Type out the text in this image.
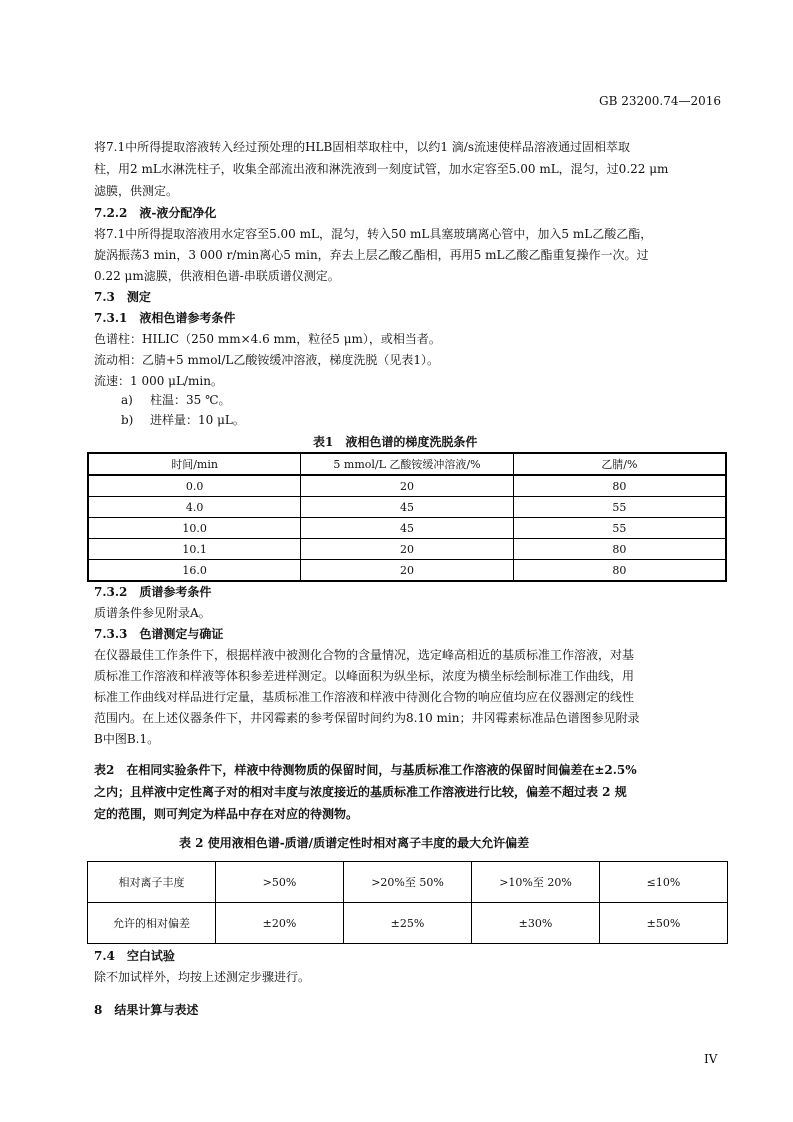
GB 23200.74—2016
将7.1中所得提取溶液转入经过预处理的HLB固相萃取柱中，以约1 滴/s流速使样品溶液通过固相萃取
柱，用2 mL水淋洗柱子，收集全部流出液和淋洗液到一刻度试管，加水定容至5.00 mL，混匀，过0.22 μm
滤膜，供测定。
7.2.2　液-液分配净化
将7.1中所得提取溶液用水定容至5.00 mL，混匀，转入50 mL具塞玻璃离心管中，加入5 mL乙酸乙酯，
旋涡振荡3 min，3 000 r/min离心5 min，弃去上层乙酸乙酯相，再用5 mL乙酸乙酯重复操作一次。过
0.22 μm滤膜，供液相色谱-串联质谱仪测定。
7.3　测定
7.3.1　液相色谱参考条件
色谱柱：HILIC（250 mm×4.6 mm，粒径5 μm），或相当者。
流动相：乙腈+5 mmol/L乙酸铵缓冲溶液，梯度洗脱（见表1）。
流速：1 000 μL/min。
a) 柱温：35 ℃。
b) 进样量：10 μL。
表1　液相色谱的梯度洗脱条件
时间/min	5 mmol/L 乙酸铵缓冲溶液/%	乙腈/%
0.0	20	80
4.0	45	55
10.0	45	55
10.1	20	80
16.0	20	80
7.3.2　质谱参考条件
质谱条件参见附录A。
7.3.3　色谱测定与确证
在仪器最佳工作条件下，根据样液中被测化合物的含量情况，选定峰高相近的基质标准工作溶液，对基
质标准工作溶液和样液等体积参差进样测定。以峰面积为纵坐标，浓度为横坐标绘制标准工作曲线，用
标准工作曲线对样品进行定量，基质标准工作溶液和样液中待测化合物的响应值均应在仪器测定的线性
范围内。在上述仪器条件下，井冈霉素的参考保留时间约为8.10 min；井冈霉素标准品色谱图参见附录
B中图B.1。
表2　在相同实验条件下，样液中待测物质的保留时间，与基质标准工作溶液的保留时间偏差在±2.5%
之内；且样液中定性离子对的相对丰度与浓度接近的基质标准工作溶液进行比较，偏差不超过表 2 规
定的范围，则可判定为样品中存在对应的待测物。
表 2 使用液相色谱-质谱/质谱定性时相对离子丰度的最大允许偏差
相对离子丰度	>50%	>20%至 50%	>10%至 20%	≤10%
允许的相对偏差	±20%	±25%	±30%	±50%
7.4　空白试验
除不加试样外，均按上述测定步骤进行。
8　结果计算与表述
IV
